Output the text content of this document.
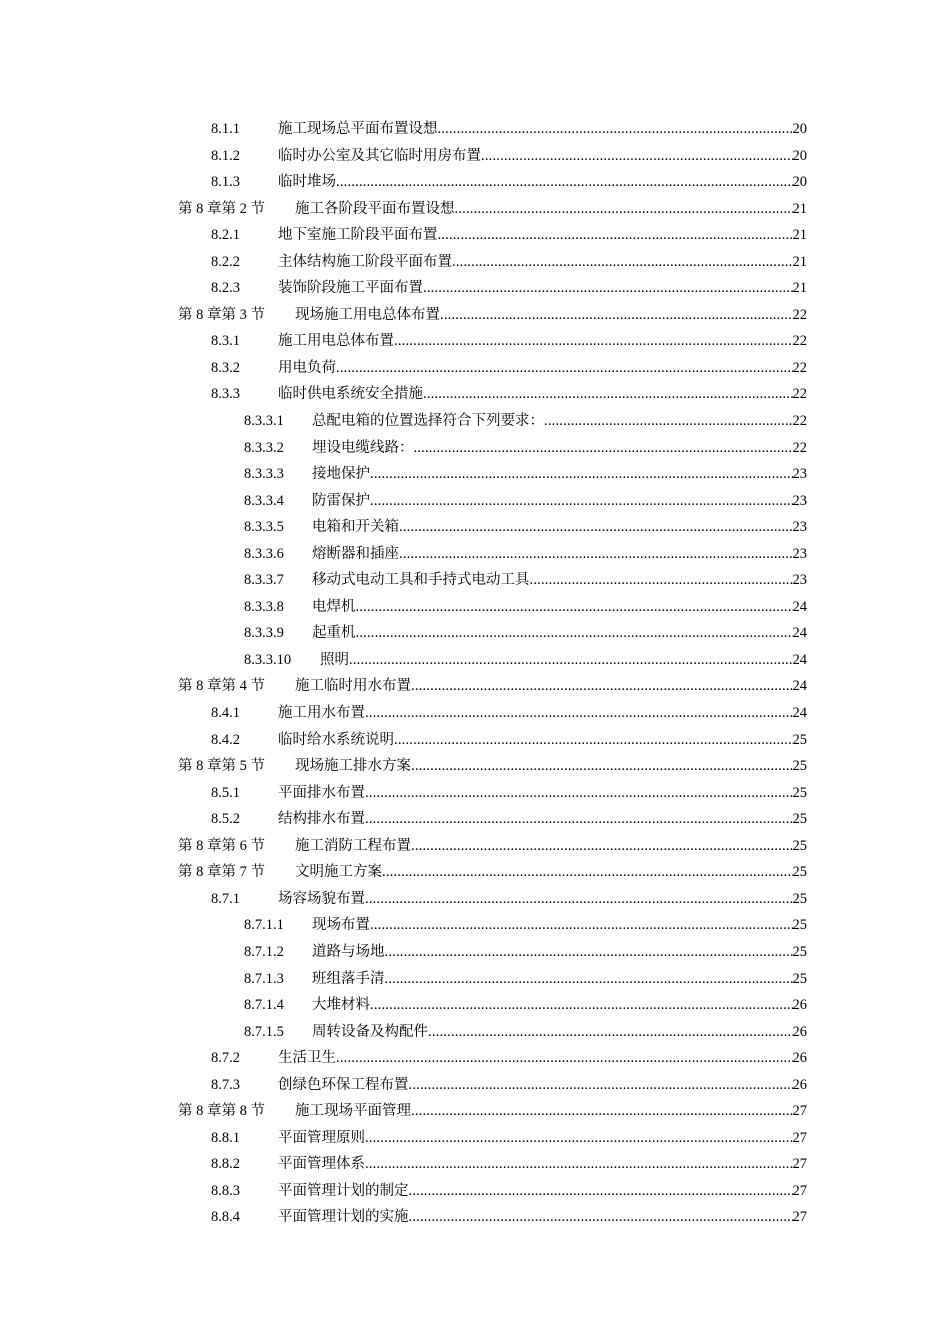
8.1.1	施工现场总平面布置设想 .....	20
8.1.2	临时办公室及其它临时用房布置 .....	20
8.1.3	临时堆场 .....	20
第 8 章第 2 节 施工各阶段平面布置设想 .....	21
8.2.1	地下室施工阶段平面布置 .....	21
8.2.2	主体结构施工阶段平面布置 .....	21
8.2.3	装饰阶段施工平面布置 .....	21
第 8 章第 3 节 现场施工用电总体布置 .....	22
8.3.1	施工用电总体布置 .....	22
8.3.2	用电负荷 .....	22
8.3.3	临时供电系统安全措施 .....	22
8.3.3.1 总配电箱的位置选择符合下列要求： .....	22
8.3.3.2 埋设电缆线路： .....	22
8.3.3.3 接地保护 .....	23
8.3.3.4 防雷保护 .....	23
8.3.3.5 电箱和开关箱 .....	23
8.3.3.6 熔断器和插座 .....	23
8.3.3.7 移动式电动工具和手持式电动工具 .....	23
8.3.3.8 电焊机 .....	24
8.3.3.9 起重机 .....	24
8.3.3.10 照明 .....	24
第 8 章第 4 节 施工临时用水布置 .....	24
8.4.1	施工用水布置 .....	24
8.4.2	临时给水系统说明 .....	25
第 8 章第 5 节 现场施工排水方案 .....	25
8.5.1	平面排水布置 .....	25
8.5.2	结构排水布置 .....	25
第 8 章第 6 节 施工消防工程布置 .....	25
第 8 章第 7 节 文明施工方案 .....	25
8.7.1	场容场貌布置 .....	25
8.7.1.1 现场布置 .....	25
8.7.1.2 道路与场地 .....	25
8.7.1.3 班组落手清 .....	25
8.7.1.4 大堆材料 .....	26
8.7.1.5 周转设备及构配件 .....	26
8.7.2	生活卫生 .....	26
8.7.3	创绿色环保工程布置 .....	26
第 8 章第 8 节 施工现场平面管理 .....	27
8.8.1	平面管理原则 .....	27
8.8.2	平面管理体系 .....	27
8.8.3	平面管理计划的制定 .....	27
8.8.4	平面管理计划的实施 .....	27
